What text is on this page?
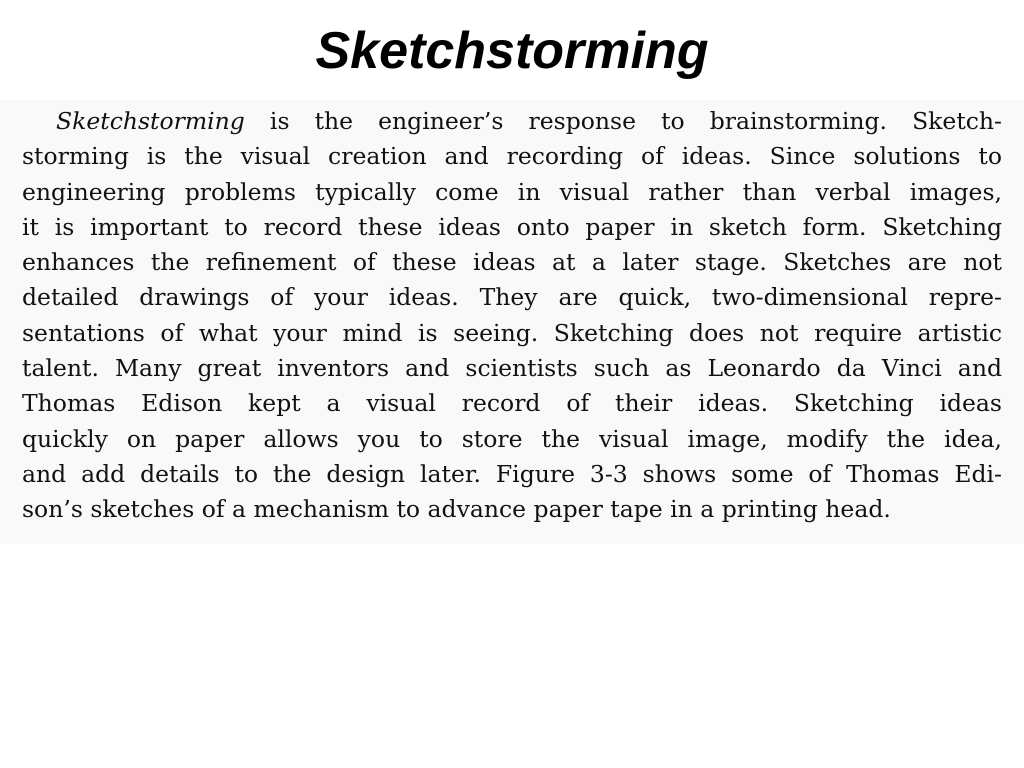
Sketchstorming

Sketchstorming is the engineer’s response to brainstorming. Sketch-
storming is the visual creation and recording of ideas. Since solutions to
engineering problems typically come in visual rather than verbal images,
it is important to record these ideas onto paper in sketch form. Sketching
enhances the refinement of these ideas at a later stage. Sketches are not
detailed drawings of your ideas. They are quick, two-dimensional repre-
sentations of what your mind is seeing. Sketching does not require artistic
talent. Many great inventors and scientists such as Leonardo da Vinci and
Thomas Edison kept a visual record of their ideas. Sketching ideas
quickly on paper allows you to store the visual image, modify the idea,
and add details to the design later. Figure 3-3 shows some of Thomas Edi-
son’s sketches of a mechanism to advance paper tape in a printing head.
